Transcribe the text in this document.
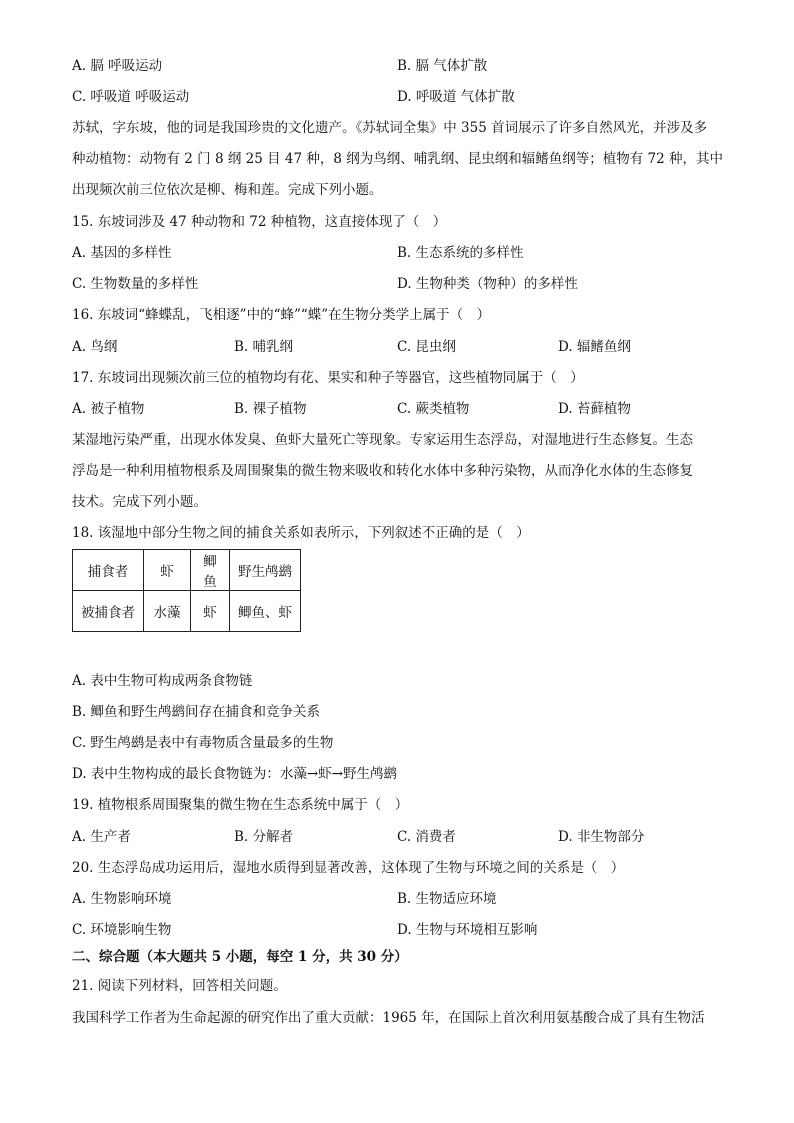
A. 膈 呼吸运动	B. 膈 气体扩散
C. 呼吸道 呼吸运动	D. 呼吸道 气体扩散
苏轼，字东坡，他的词是我国珍贵的文化遗产。《苏轼词全集》中 355 首词展示了许多自然风光，并涉及多
种动植物：动物有 2 门 8 纲 25 目 47 种，8 纲为鸟纲、哺乳纲、昆虫纲和辐鳍鱼纲等；植物有 72 种，其中
出现频次前三位依次是柳、梅和莲。完成下列小题。
15. 东坡词涉及 47 种动物和 72 种植物，这直接体现了（　）
A. 基因的多样性	B. 生态系统的多样性
C. 生物数量的多样性	D. 生物种类（物种）的多样性
16. 东坡词“蜂蝶乱，飞相逐”中的“蜂”“蝶”在生物分类学上属于（　）
A. 鸟纲	B. 哺乳纲	C. 昆虫纲	D. 辐鳍鱼纲
17. 东坡词出现频次前三位的植物均有花、果实和种子等器官，这些植物同属于（　）
A. 被子植物	B. 裸子植物	C. 蕨类植物	D. 苔藓植物
某湿地污染严重，出现水体发臭、鱼虾大量死亡等现象。专家运用生态浮岛，对湿地进行生态修复。生态
浮岛是一种利用植物根系及周围聚集的微生物来吸收和转化水体中多种污染物，从而净化水体的生态修复
技术。完成下列小题。
18. 该湿地中部分生物之间的捕食关系如表所示，下列叙述不正确的是（　）
捕食者	虾	鲫鱼	野生鸬鹚
被捕食者	水藻	虾	鲫鱼、虾
A. 表中生物可构成两条食物链
B. 鲫鱼和野生鸬鹚间存在捕食和竞争关系
C. 野生鸬鹚是表中有毒物质含量最多的生物
D. 表中生物构成的最长食物链为：水藻→虾→野生鸬鹚
19. 植物根系周围聚集的微生物在生态系统中属于（　）
A. 生产者	B. 分解者	C. 消费者	D. 非生物部分
20. 生态浮岛成功运用后，湿地水质得到显著改善，这体现了生物与环境之间的关系是（　）
A. 生物影响环境	B. 生物适应环境
C. 环境影响生物	D. 生物与环境相互影响
二、综合题（本大题共 5 小题，每空 1 分，共 30 分）
21. 阅读下列材料，回答相关问题。
我国科学工作者为生命起源的研究作出了重大贡献：1965 年，在国际上首次利用氨基酸合成了具有生物活
